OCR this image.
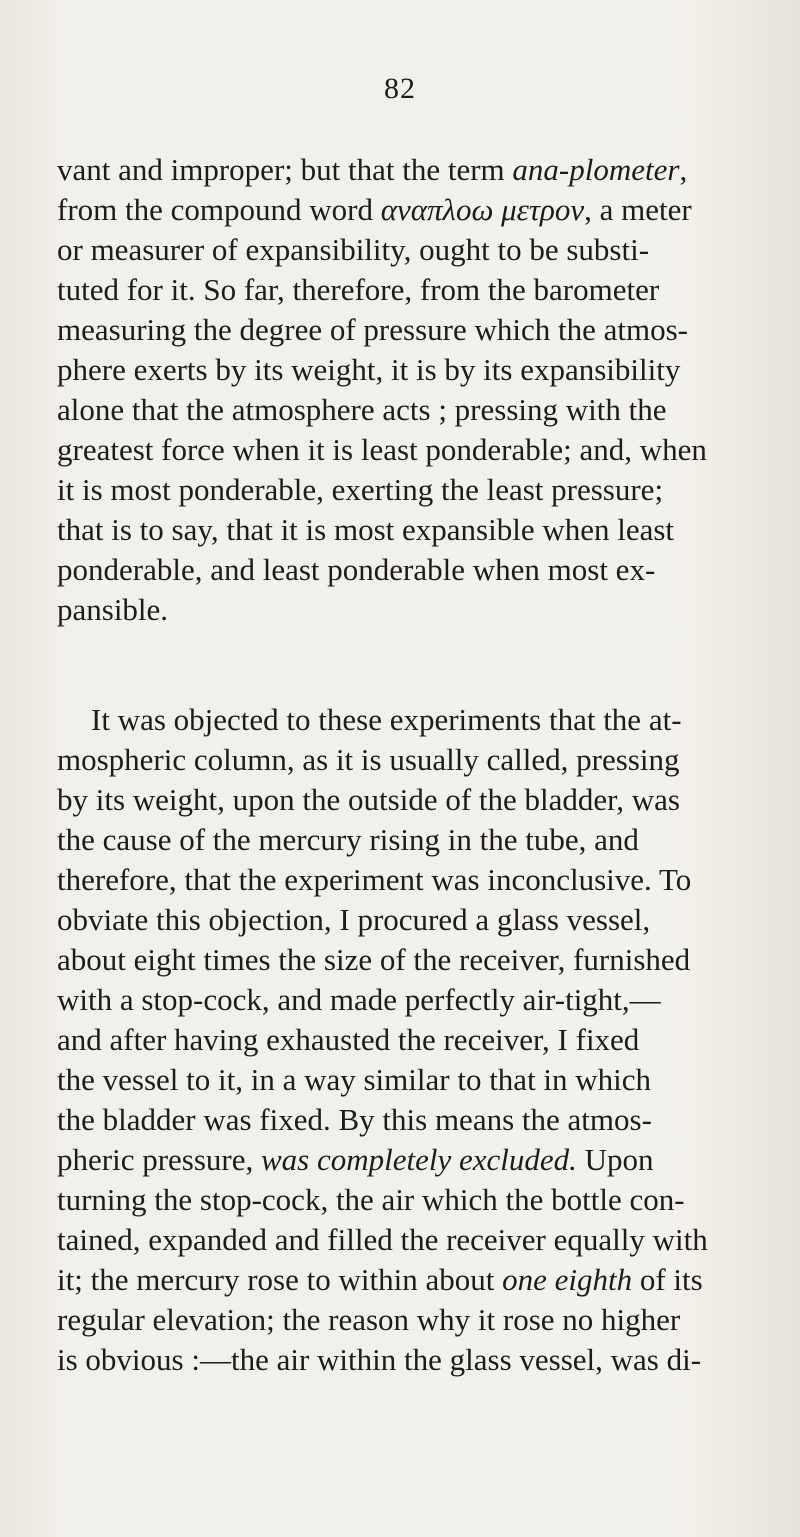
82
vant and improper; but that the term ana-plometer,
from the compound word αναπλοω μετρον, a meter
or measurer of expansibility, ought to be substi-
tuted for it. So far, therefore, from the barometer
measuring the degree of pressure which the atmos-
phere exerts by its weight, it is by its expansibility
alone that the atmosphere acts ; pressing with the
greatest force when it is least ponderable; and, when
it is most ponderable, exerting the least pressure;
that is to say, that it is most expansible when least
ponderable, and least ponderable when most ex-
pansible.
It was objected to these experiments that the at-
mospheric column, as it is usually called, pressing
by its weight, upon the outside of the bladder, was
the cause of the mercury rising in the tube, and
therefore, that the experiment was inconclusive. To
obviate this objection, I procured a glass vessel,
about eight times the size of the receiver, furnished
with a stop-cock, and made perfectly air-tight,—
and after having exhausted the receiver, I fixed
the vessel to it, in a way similar to that in which
the bladder was fixed. By this means the atmos-
pheric pressure, was completely excluded. Upon
turning the stop-cock, the air which the bottle con-
tained, expanded and filled the receiver equally with
it; the mercury rose to within about one eighth of its
regular elevation; the reason why it rose no higher
is obvious :—the air within the glass vessel, was di-
